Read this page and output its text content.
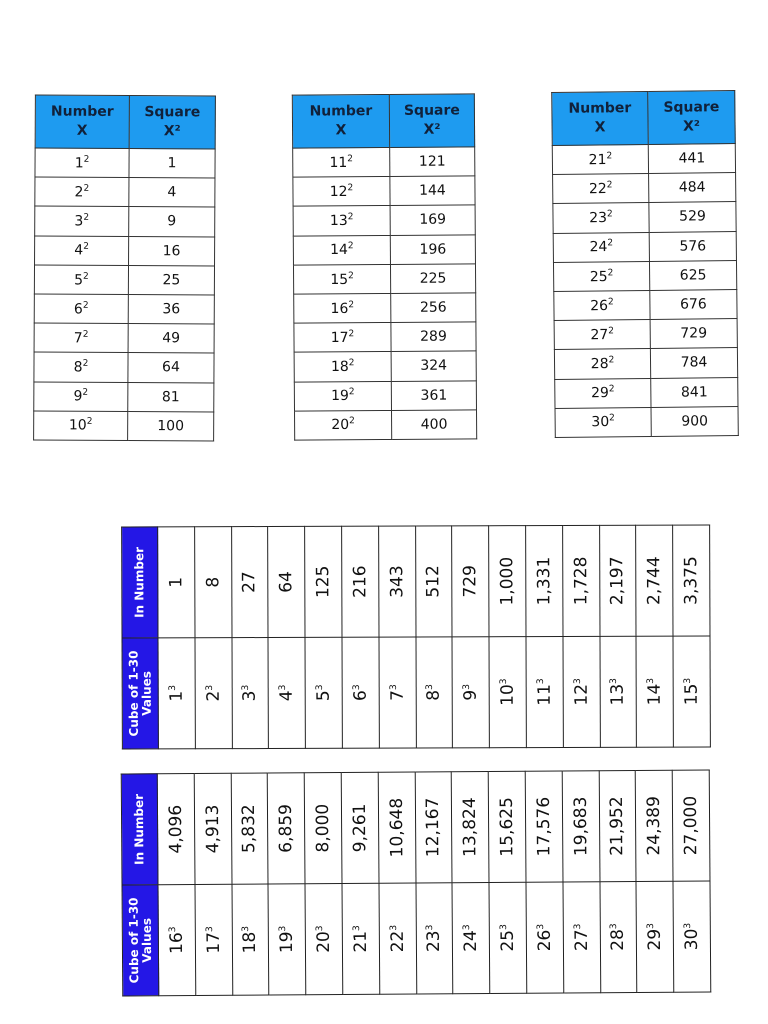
Number
X	Square
X²
$1^2$	1
$2^2$	4
$3^2$	9
$4^2$	16
$5^2$	25
$6^2$	36
$7^2$	49
$8^2$	64
$9^2$	81
$10^2$	100
Number
X	Square
X²
$11^2$	121
$12^2$	144
$13^2$	169
$14^2$	196
$15^2$	225
$16^2$	256
$17^2$	289
$18^2$	324
$19^2$	361
$20^2$	400
Number
X	Square
X²
$21^2$	441
$22^2$	484
$23^2$	529
$24^2$	576
$25^2$	625
$26^2$	676
$27^2$	729
$28^2$	784
$29^2$	841
$30^2$	900
Cube of 1-30 Values	In Number
$1^3$	1
$2^3$	8
$3^3$	27
$4^3$	64
$5^3$	125
$6^3$	216
$7^3$	343
$8^3$	512
$9^3$	729
$10^3$	1,000
$11^3$	1,331
$12^3$	1,728
$13^3$	2,197
$14^3$	2,744
$15^3$	3,375
Cube of 1-30 Values	In Number
$16^3$	4,096
$17^3$	4,913
$18^3$	5,832
$19^3$	6,859
$20^3$	8,000
$21^3$	9,261
$22^3$	10,648
$23^3$	12,167
$24^3$	13,824
$25^3$	15,625
$26^3$	17,576
$27^3$	19,683
$28^3$	21,952
$29^3$	24,389
$30^3$	27,000
